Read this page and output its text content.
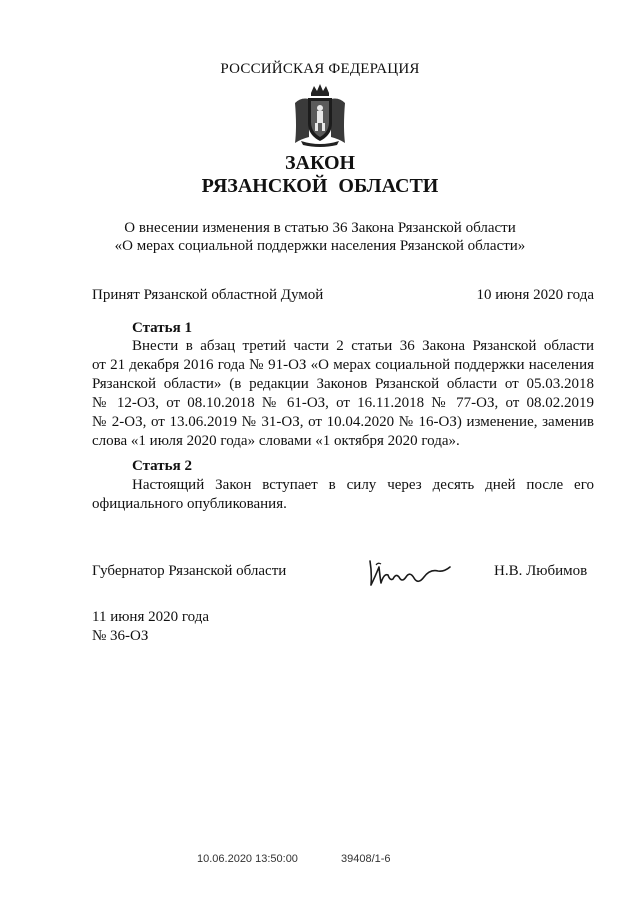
РОССИЙСКАЯ ФЕДЕРАЦИЯ
ЗАКОН
РЯЗАНСКОЙ ОБЛАСТИ
О внесении изменения в статью 36 Закона Рязанской области
«О мерах социальной поддержки населения Рязанской области»
Принят Рязанской областной Думой	10 июня 2020 года
Статья 1
Внести в абзац третий части 2 статьи 36 Закона Рязанской области
от 21 декабря 2016 года № 91-ОЗ «О мерах социальной поддержки населения
Рязанской области» (в редакции Законов Рязанской области от 05.03.2018
№ 12-ОЗ, от 08.10.2018 № 61-ОЗ, от 16.11.2018 № 77-ОЗ, от 08.02.2019
№ 2-ОЗ, от 13.06.2019 № 31-ОЗ, от 10.04.2020 № 16-ОЗ) изменение, заменив
слова «1 июля 2020 года» словами «1 октября 2020 года».
Статья 2
Настоящий Закон вступает в силу через десять дней после его
официального опубликования.
Губернатор Рязанской области	Н.В. Любимов
11 июня 2020 года
№ 36-ОЗ
10.06.2020 13:50:00	39408/1-6
